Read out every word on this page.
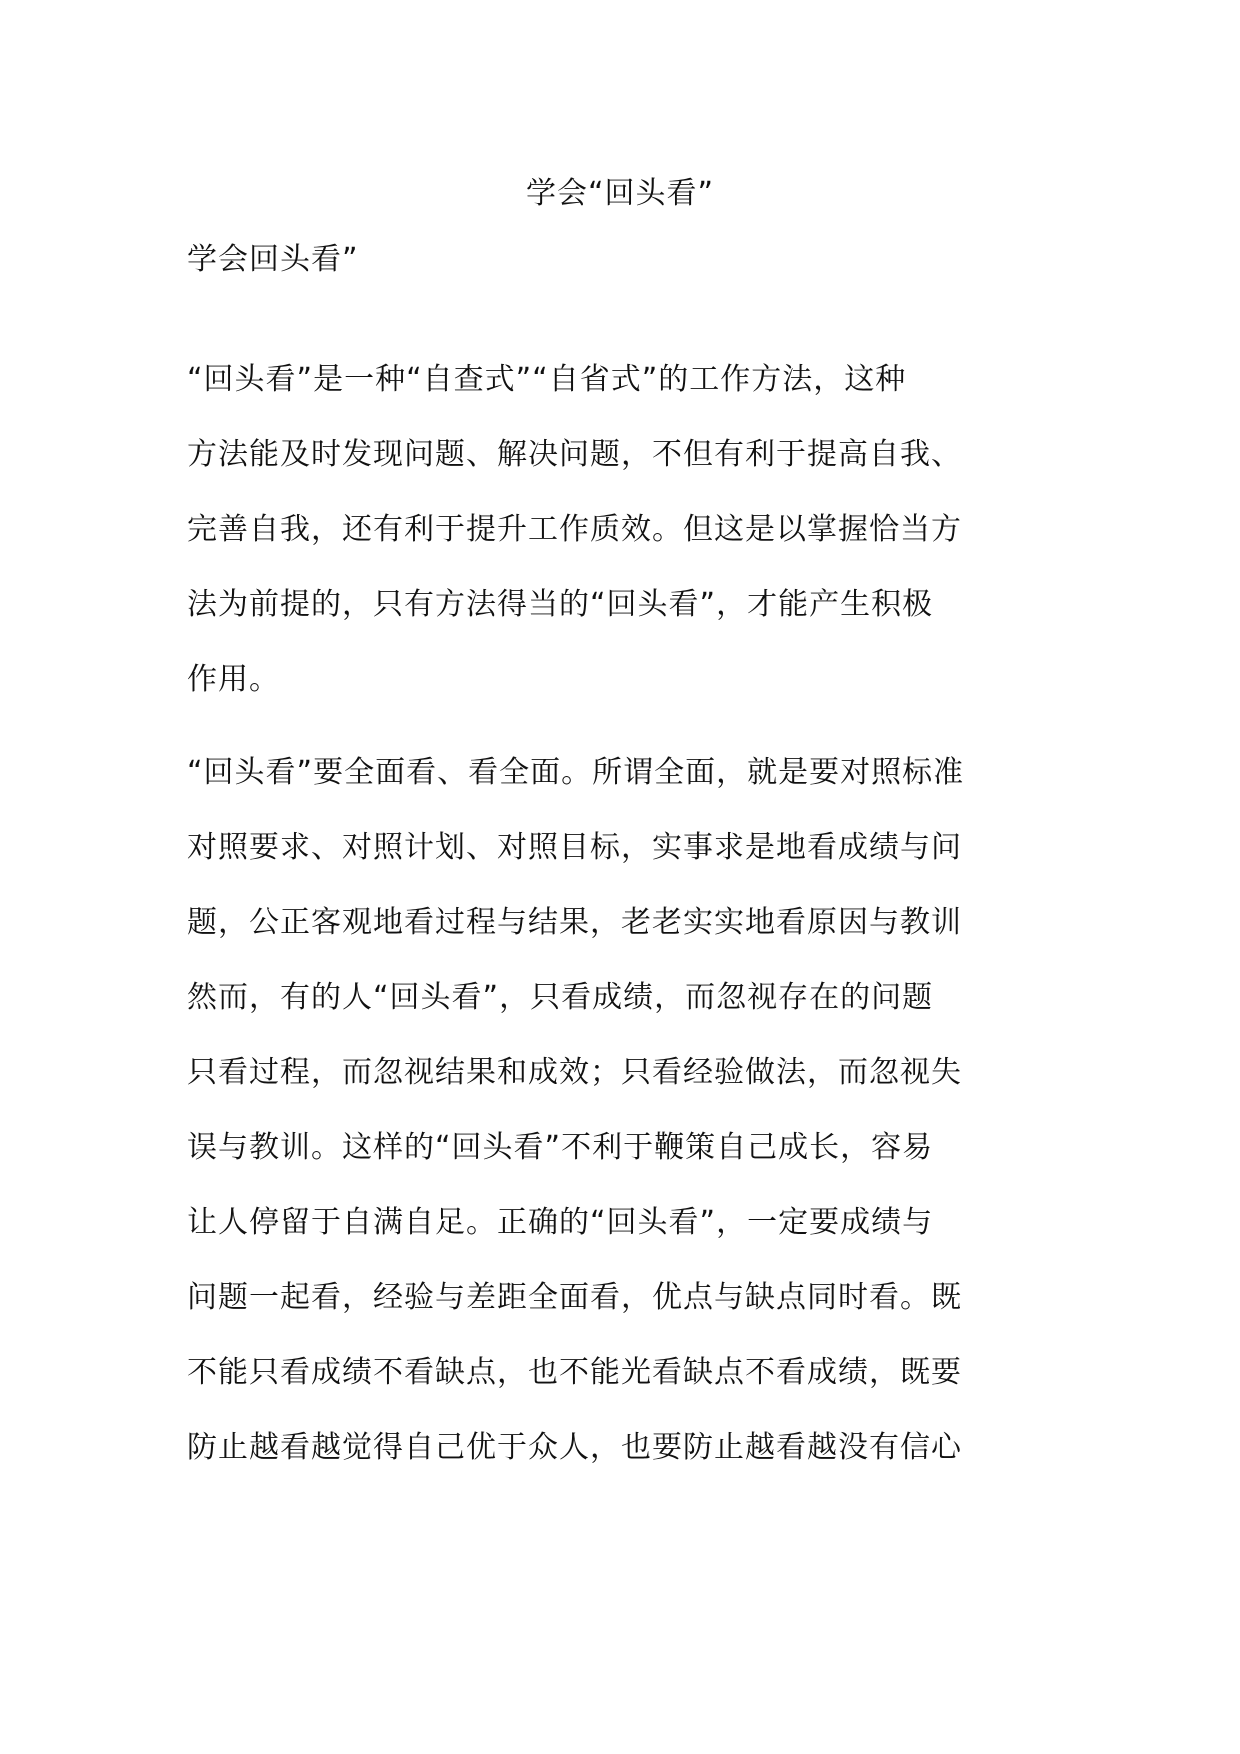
学会“回头看”

学会回头看”

“回头看”是一种“自查式”“自省式”的工作方法，这种
方法能及时发现问题、解决问题，不但有利于提高自我、
完善自我，还有利于提升工作质效。但这是以掌握恰当方
法为前提的，只有方法得当的“回头看”，才能产生积极
作用。
“回头看”要全面看、看全面。所谓全面，就是要对照标准
对照要求、对照计划、对照目标，实事求是地看成绩与问
题，公正客观地看过程与结果，老老实实地看原因与教训
然而，有的人“回头看”，只看成绩，而忽视存在的问题
只看过程，而忽视结果和成效；只看经验做法，而忽视失
误与教训。这样的“回头看”不利于鞭策自己成长，容易
让人停留于自满自足。正确的“回头看”，一定要成绩与
问题一起看，经验与差距全面看，优点与缺点同时看。既
不能只看成绩不看缺点，也不能光看缺点不看成绩，既要
防止越看越觉得自己优于众人，也要防止越看越没有信心
